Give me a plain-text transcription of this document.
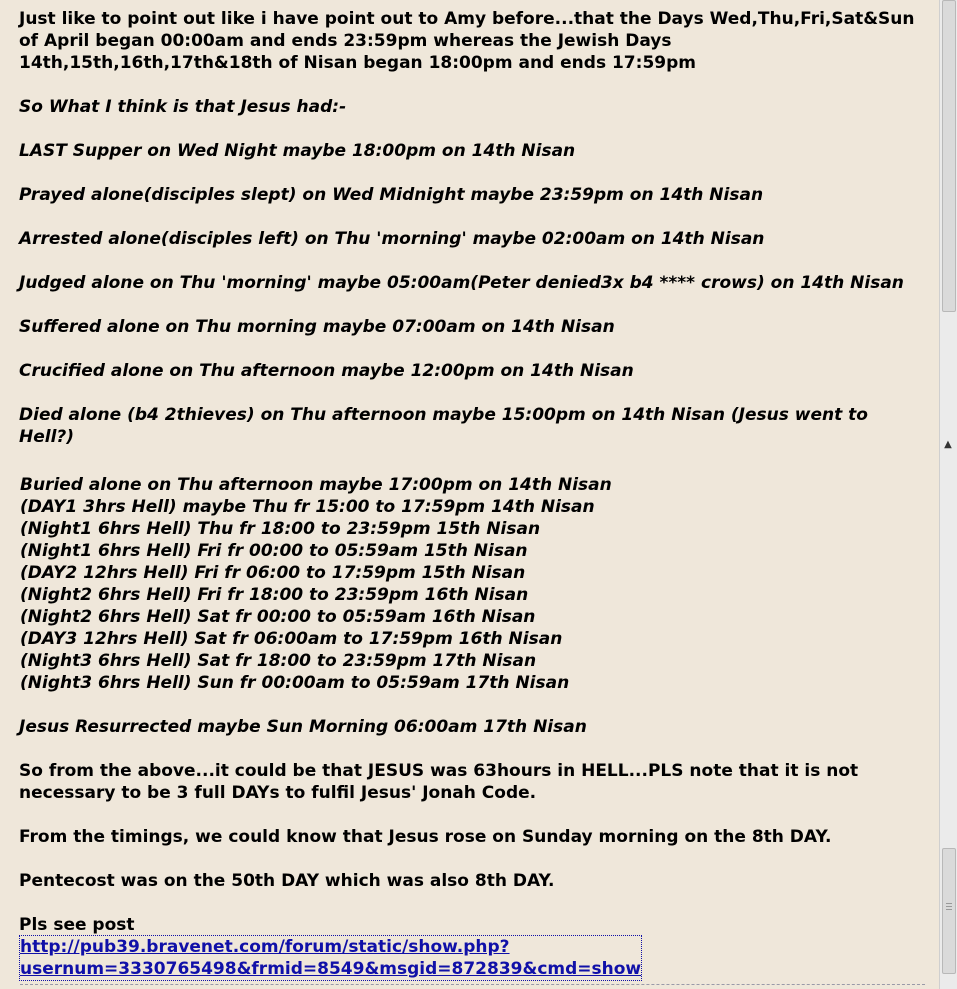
Just like to point out like i have point out to Amy before...that the Days Wed,Thu,Fri,Sat&Sun of April began 00:00am and ends 23:59pm whereas the Jewish Days 14th,15th,16th,17th&18th of Nisan began 18:00pm and ends 17:59pm

So What I think is that Jesus had:-

LAST Supper on Wed Night maybe 18:00pm on 14th Nisan

Prayed alone(disciples slept) on Wed Midnight maybe 23:59pm on 14th Nisan

Arrested alone(disciples left) on Thu 'morning' maybe 02:00am on 14th Nisan

Judged alone on Thu 'morning' maybe 05:00am(Peter denied3x b4 **** crows) on 14th Nisan

Suffered alone on Thu morning maybe 07:00am on 14th Nisan

Crucified alone on Thu afternoon maybe 12:00pm on 14th Nisan

Died alone (b4 2thieves) on Thu afternoon maybe 15:00pm on 14th Nisan (Jesus went to Hell?)

Buried alone on Thu afternoon maybe 17:00pm on 14th Nisan
(DAY1 3hrs Hell) maybe Thu fr 15:00 to 17:59pm 14th Nisan
(Night1 6hrs Hell) Thu fr 18:00 to 23:59pm 15th Nisan
(Night1 6hrs Hell) Fri fr 00:00 to 05:59am 15th Nisan
(DAY2 12hrs Hell) Fri fr 06:00 to 17:59pm 15th Nisan
(Night2 6hrs Hell) Fri fr 18:00 to 23:59pm 16th Nisan
(Night2 6hrs Hell) Sat fr 00:00 to 05:59am 16th Nisan
(DAY3 12hrs Hell) Sat fr 06:00am to 17:59pm 16th Nisan
(Night3 6hrs Hell) Sat fr 18:00 to 23:59pm 17th Nisan
(Night3 6hrs Hell) Sun fr 00:00am to 05:59am 17th Nisan

Jesus Resurrected maybe Sun Morning 06:00am 17th Nisan

So from the above...it could be that JESUS was 63hours in HELL...PLS note that it is not necessary to be 3 full DAYs to fulfil Jesus' Jonah Code.

From the timings, we could know that Jesus rose on Sunday morning on the 8th DAY.

Pentecost was on the 50th DAY which was also 8th DAY.

Pls see post
http://pub39.bravenet.com/forum/static/show.php?
usernum=3330765498&frmid=8549&msgid=872839&cmd=show
▲
